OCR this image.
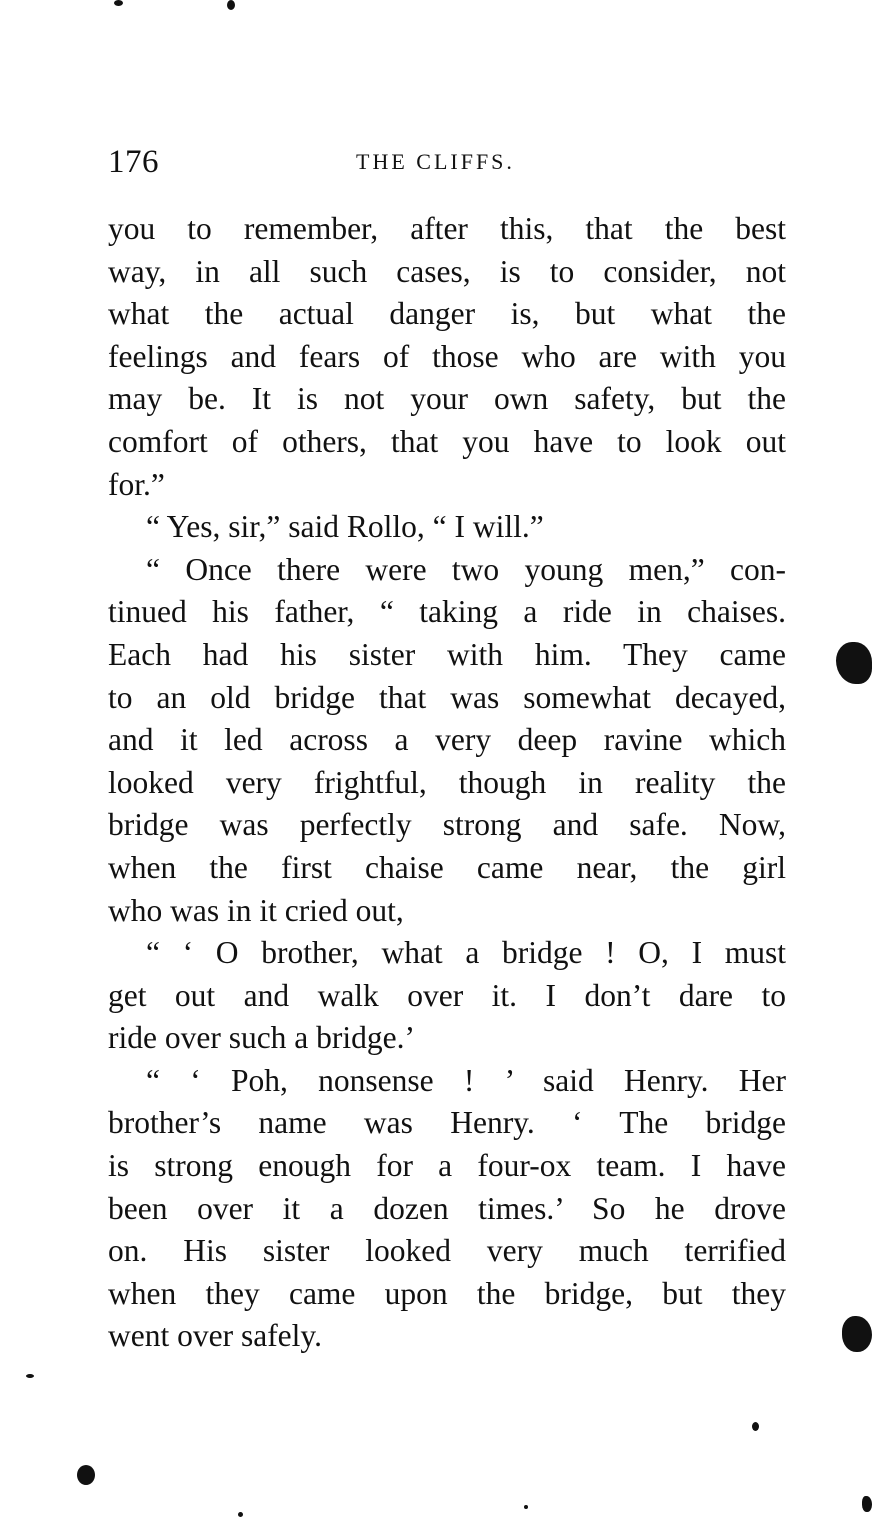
176	THE CLIFFS.
you to remember, after this, that the best
way, in all such cases, is to consider, not
what the actual danger is, but what the
feelings and fears of those who are with you
may be. It is not your own safety, but the
comfort of others, that you have to look out
for.”
“ Yes, sir,” said Rollo, “ I will.”
“ Once there were two young men,” con-
tinued his father, “ taking a ride in chaises.
Each had his sister with him. They came
to an old bridge that was somewhat decayed,
and it led across a very deep ravine which
looked very frightful, though in reality the
bridge was perfectly strong and safe. Now,
when the first chaise came near, the girl
who was in it cried out,
“ ‘ O brother, what a bridge ! O, I must
get out and walk over it. I don’t dare to
ride over such a bridge.’
“ ‘ Poh, nonsense ! ’ said Henry. Her
brother’s name was Henry. ‘ The bridge
is strong enough for a four-ox team. I have
been over it a dozen times.’ So he drove
on. His sister looked very much terrified
when they came upon the bridge, but they
went over safely.
